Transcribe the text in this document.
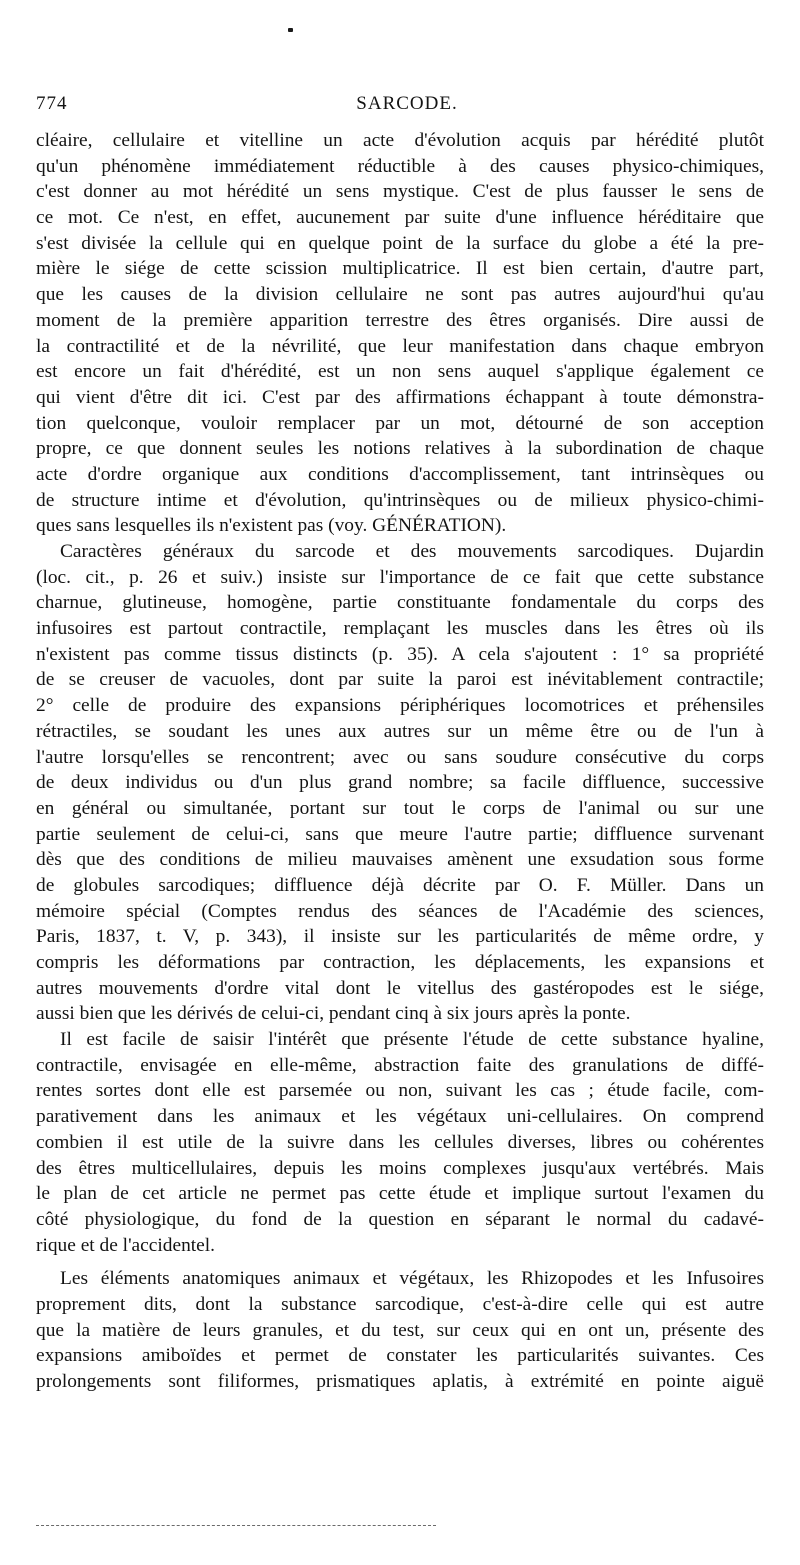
774	SARCODE.
cléaire, cellulaire et vitelline un acte d'évolution acquis par hérédité plutôt
qu'un phénomène immédiatement réductible à des causes physico-chimiques,
c'est donner au mot hérédité un sens mystique. C'est de plus fausser le sens de
ce mot. Ce n'est, en effet, aucunement par suite d'une influence héréditaire que
s'est divisée la cellule qui en quelque point de la surface du globe a été la pre-
mière le siége de cette scission multiplicatrice. Il est bien certain, d'autre part,
que les causes de la division cellulaire ne sont pas autres aujourd'hui qu'au
moment de la première apparition terrestre des êtres organisés. Dire aussi de
la contractilité et de la névrilité, que leur manifestation dans chaque embryon
est encore un fait d'hérédité, est un non sens auquel s'applique également ce
qui vient d'être dit ici. C'est par des affirmations échappant à toute démonstra-
tion quelconque, vouloir remplacer par un mot, détourné de son acception
propre, ce que donnent seules les notions relatives à la subordination de chaque
acte d'ordre organique aux conditions d'accomplissement, tant intrinsèques ou
de structure intime et d'évolution, qu'intrinsèques ou de milieux physico-chimi-
ques sans lesquelles ils n'existent pas (voy. GÉNÉRATION).
Caractères généraux du sarcode et des mouvements sarcodiques. Dujardin
(loc. cit., p. 26 et suiv.) insiste sur l'importance de ce fait que cette substance
charnue, glutineuse, homogène, partie constituante fondamentale du corps des
infusoires est partout contractile, remplaçant les muscles dans les êtres où ils
n'existent pas comme tissus distincts (p. 35). A cela s'ajoutent : 1° sa propriété
de se creuser de vacuoles, dont par suite la paroi est inévitablement contractile;
2° celle de produire des expansions périphériques locomotrices et préhensiles
rétractiles, se soudant les unes aux autres sur un même être ou de l'un à
l'autre lorsqu'elles se rencontrent; avec ou sans soudure consécutive du corps
de deux individus ou d'un plus grand nombre; sa facile diffluence, successive
en général ou simultanée, portant sur tout le corps de l'animal ou sur une
partie seulement de celui-ci, sans que meure l'autre partie; diffluence survenant
dès que des conditions de milieu mauvaises amènent une exsudation sous forme
de globules sarcodiques; diffluence déjà décrite par O. F. Müller. Dans un
mémoire spécial (Comptes rendus des séances de l'Académie des sciences,
Paris, 1837, t. V, p. 343), il insiste sur les particularités de même ordre, y
compris les déformations par contraction, les déplacements, les expansions et
autres mouvements d'ordre vital dont le vitellus des gastéropodes est le siége,
aussi bien que les dérivés de celui-ci, pendant cinq à six jours après la ponte.
Il est facile de saisir l'intérêt que présente l'étude de cette substance hyaline,
contractile, envisagée en elle-même, abstraction faite des granulations de diffé-
rentes sortes dont elle est parsemée ou non, suivant les cas ; étude facile, com-
parativement dans les animaux et les végétaux uni-cellulaires. On comprend
combien il est utile de la suivre dans les cellules diverses, libres ou cohérentes
des êtres multicellulaires, depuis les moins complexes jusqu'aux vertébrés. Mais
le plan de cet article ne permet pas cette étude et implique surtout l'examen du
côté physiologique, du fond de la question en séparant le normal du cadavé-
rique et de l'accidentel.
Les éléments anatomiques animaux et végétaux, les Rhizopodes et les Infusoires
proprement dits, dont la substance sarcodique, c'est-à-dire celle qui est autre
que la matière de leurs granules, et du test, sur ceux qui en ont un, présente des
expansions amiboïdes et permet de constater les particularités suivantes. Ces
prolongements sont filiformes, prismatiques aplatis, à extrémité en pointe aiguë
